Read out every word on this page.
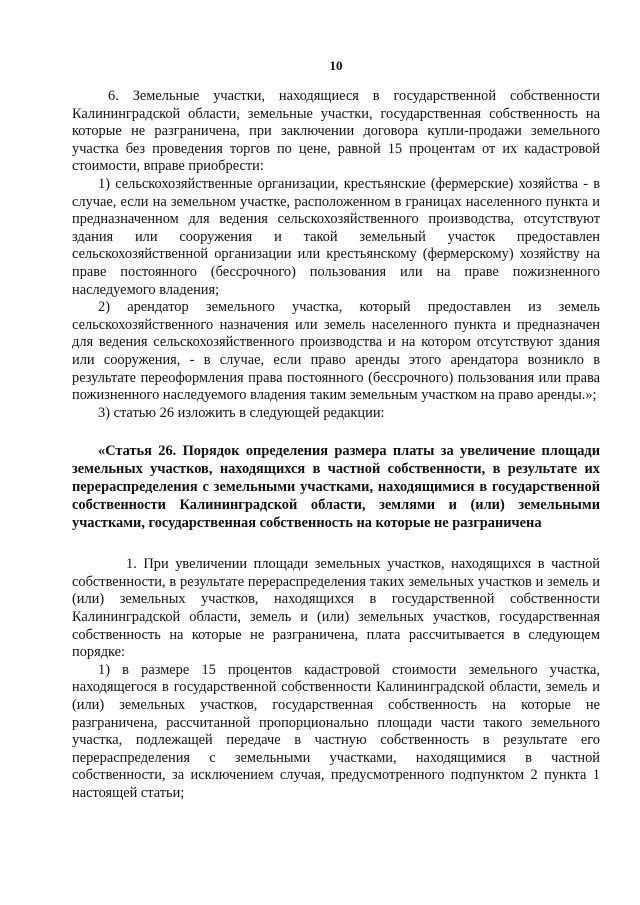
10

6. Земельные участки, находящиеся в государственной собственности Калининградской области, земельные участки, государственная собственность на которые не разграничена, при заключении договора купли-продажи земельного участка без проведения торгов по цене, равной 15 процентам от их кадастровой стоимости, вправе приобрести:

1) сельскохозяйственные организации, крестьянские (фермерские) хозяйства - в случае, если на земельном участке, расположенном в границах населенного пункта и предназначенном для ведения сельскохозяйственного производства, отсутствуют здания или сооружения и такой земельный участок предоставлен сельскохозяйственной организации или крестьянскому (фермерскому) хозяйству на праве постоянного (бессрочного) пользования или на праве пожизненного наследуемого владения;

2) арендатор земельного участка, который предоставлен из земель сельскохозяйственного назначения или земель населенного пункта и предназначен для ведения сельскохозяйственного производства и на котором отсутствуют здания или сооружения, - в случае, если право аренды этого арендатора возникло в результате переоформления права постоянного (бессрочного) пользования или права пожизненного наследуемого владения таким земельным участком на право аренды.»;

3) статью 26 изложить в следующей редакции:

«Статья 26. Порядок определения размера платы за увеличение площади земельных участков, находящихся в частной собственности, в результате их перераспределения с земельными участками, находящимися в государственной собственности Калининградской области, землями и (или) земельными участками, государственная собственность на которые не разграничена

1. При увеличении площади земельных участков, находящихся в частной собственности, в результате перераспределения таких земельных участков и земель и (или) земельных участков, находящихся в государственной собственности Калининградской области, земель и (или) земельных участков, государственная собственность на которые не разграничена, плата рассчитывается в следующем порядке:

1) в размере 15 процентов кадастровой стоимости земельного участка, находящегося в государственной собственности Калининградской области, земель и (или) земельных участков, государственная собственность на которые не разграничена, рассчитанной пропорционально площади части такого земельного участка, подлежащей передаче в частную собственность в результате его перераспределения с земельными участками, находящимися в частной собственности, за исключением случая, предусмотренного подпунктом 2 пункта 1 настоящей статьи;
